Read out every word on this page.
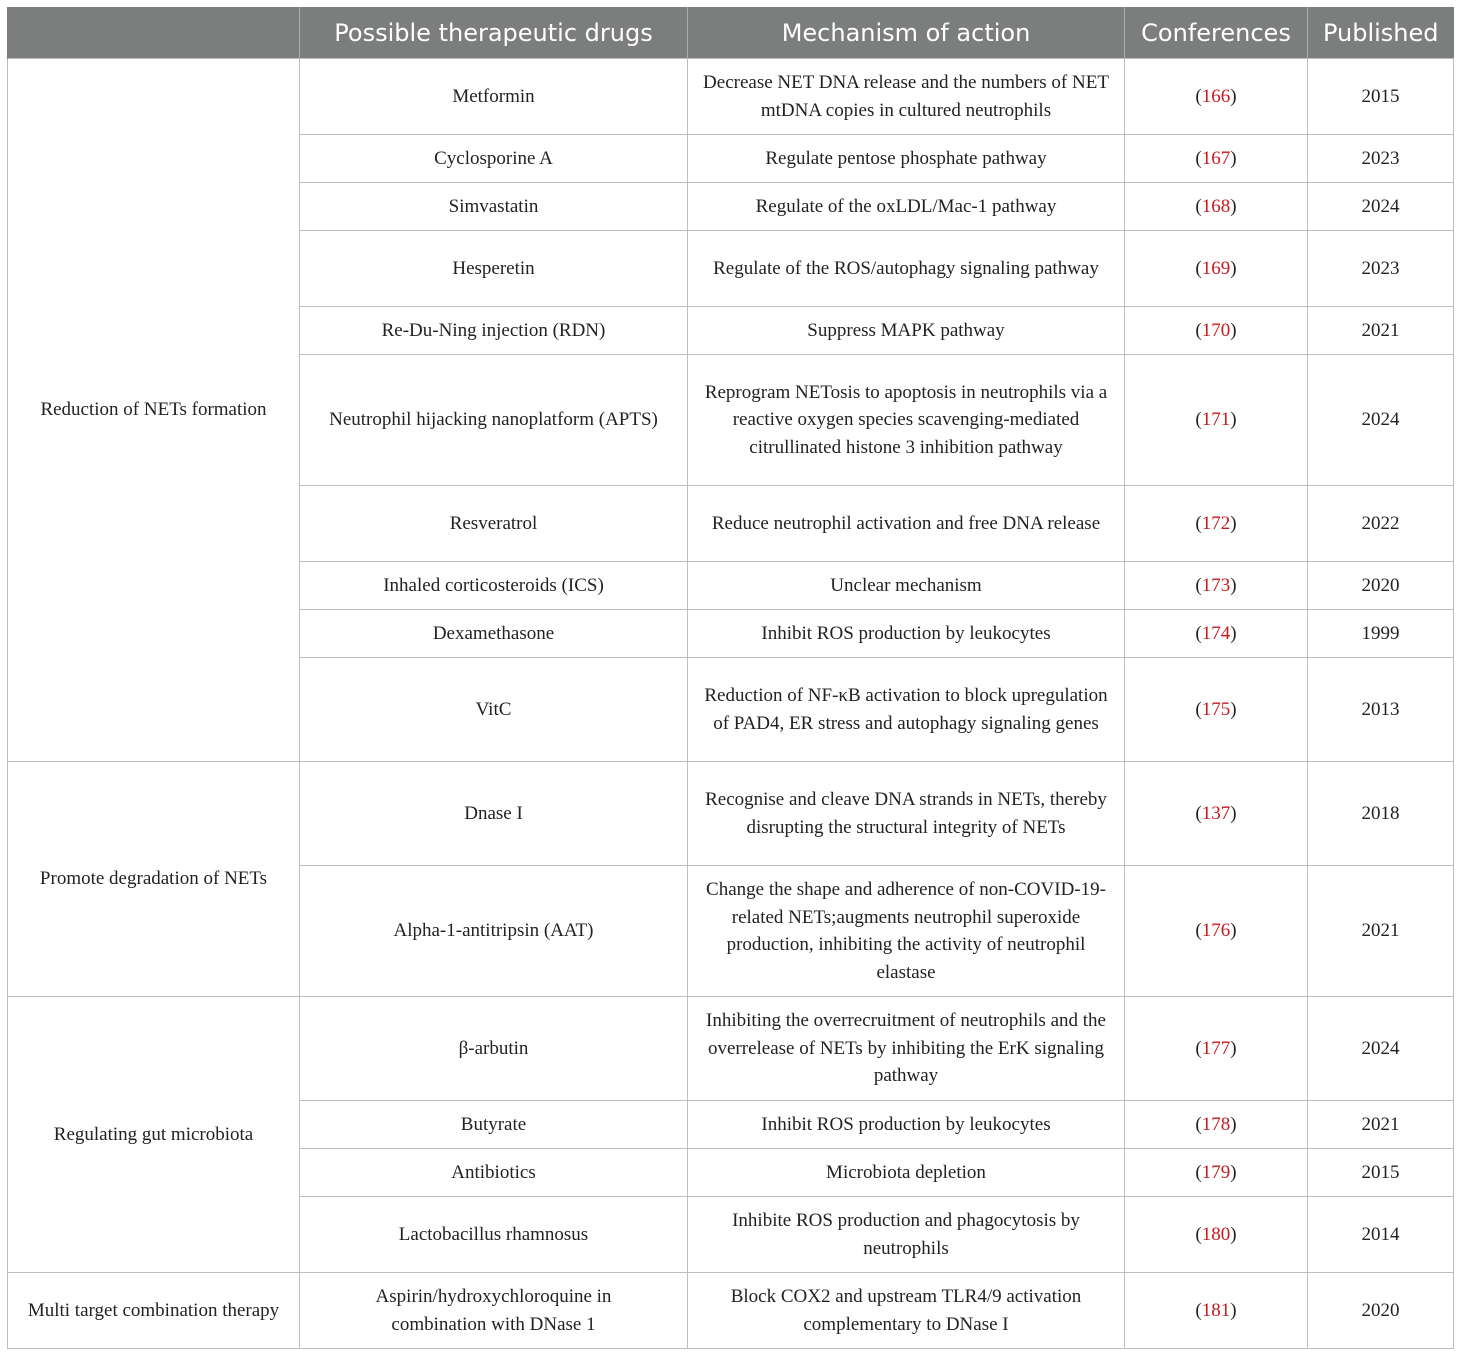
	Possible therapeutic drugs	Mechanism of action	Conferences	Published
Reduction of NETs formation	Metformin	Decrease NET DNA release and the numbers of NET mtDNA copies in cultured neutrophils	(166)	2015
	Cyclosporine A	Regulate pentose phosphate pathway	(167)	2023
	Simvastatin	Regulate of the oxLDL/Mac-1 pathway	(168)	2024
	Hesperetin	Regulate of the ROS/autophagy signaling pathway	(169)	2023
	Re-Du-Ning injection (RDN)	Suppress MAPK pathway	(170)	2021
	Neutrophil hijacking nanoplatform (APTS)	Reprogram NETosis to apoptosis in neutrophils via a reactive oxygen species scavenging-mediated citrullinated histone 3 inhibition pathway	(171)	2024
	Resveratrol	Reduce neutrophil activation and free DNA release	(172)	2022
	Inhaled corticosteroids (ICS)	Unclear mechanism	(173)	2020
	Dexamethasone	Inhibit ROS production by leukocytes	(174)	1999
	VitC	Reduction of NF-κB activation to block upregulation of PAD4, ER stress and autophagy signaling genes	(175)	2013
Promote degradation of NETs	Dnase I	Recognise and cleave DNA strands in NETs, thereby disrupting the structural integrity of NETs	(137)	2018
	Alpha-1-antitripsin (AAT)	Change the shape and adherence of non-COVID-19-related NETs;augments neutrophil superoxide production, inhibiting the activity of neutrophil elastase	(176)	2021
Regulating gut microbiota	β-arbutin	Inhibiting the overrecruitment of neutrophils and the overrelease of NETs by inhibiting the ErK signaling pathway	(177)	2024
	Butyrate	Inhibit ROS production by leukocytes	(178)	2021
	Antibiotics	Microbiota depletion	(179)	2015
	Lactobacillus rhamnosus	Inhibite ROS production and phagocytosis by neutrophils	(180)	2014
Multi target combination therapy	Aspirin/hydroxychloroquine in combination with DNase 1	Block COX2 and upstream TLR4/9 activation complementary to DNase I	(181)	2020
